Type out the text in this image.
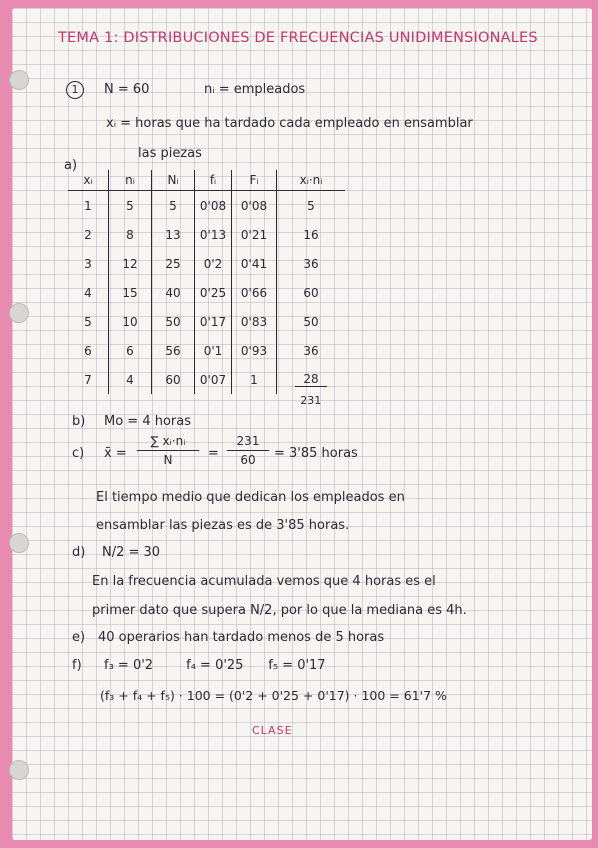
TEMA 1: DISTRIBUCIONES DE FRECUENCIAS UNIDIMENSIONALES
1	N = 60	nᵢ = empleados
xᵢ = horas que ha tardado cada empleado en ensamblar
las piezas
a)
xᵢ	nᵢ	Nᵢ	fᵢ	Fᵢ	xᵢ·nᵢ
1	5	5	0'08	0'08	5
2	8	13	0'13	0'21	16
3	12	25	0'2	0'41	36
4	15	40	0'25	0'66	60
5	10	50	0'17	0'83	50
6	6	56	0'1	0'93	36
7	4	60	0'07	1	28
					231
b) Mo = 4 horas
c) x̄ =
∑ xᵢ·nᵢ
N	=
231
60	= 3'85 horas
El tiempo medio que dedican los empleados en
ensamblar las piezas es de 3'85 horas.
d) N/2 = 30
En la frecuencia acumulada vemos que 4 horas es el
primer dato que supera N/2, por lo que la mediana es 4h.
e) 40 operarios han tardado menos de 5 horas
f) f₃ = 0'2        f₄ = 0'25      f₅ = 0'17
(f₃ + f₄ + f₅) · 100 = (0'2 + 0'25 + 0'17) · 100 = 61'7 %
CLASE
